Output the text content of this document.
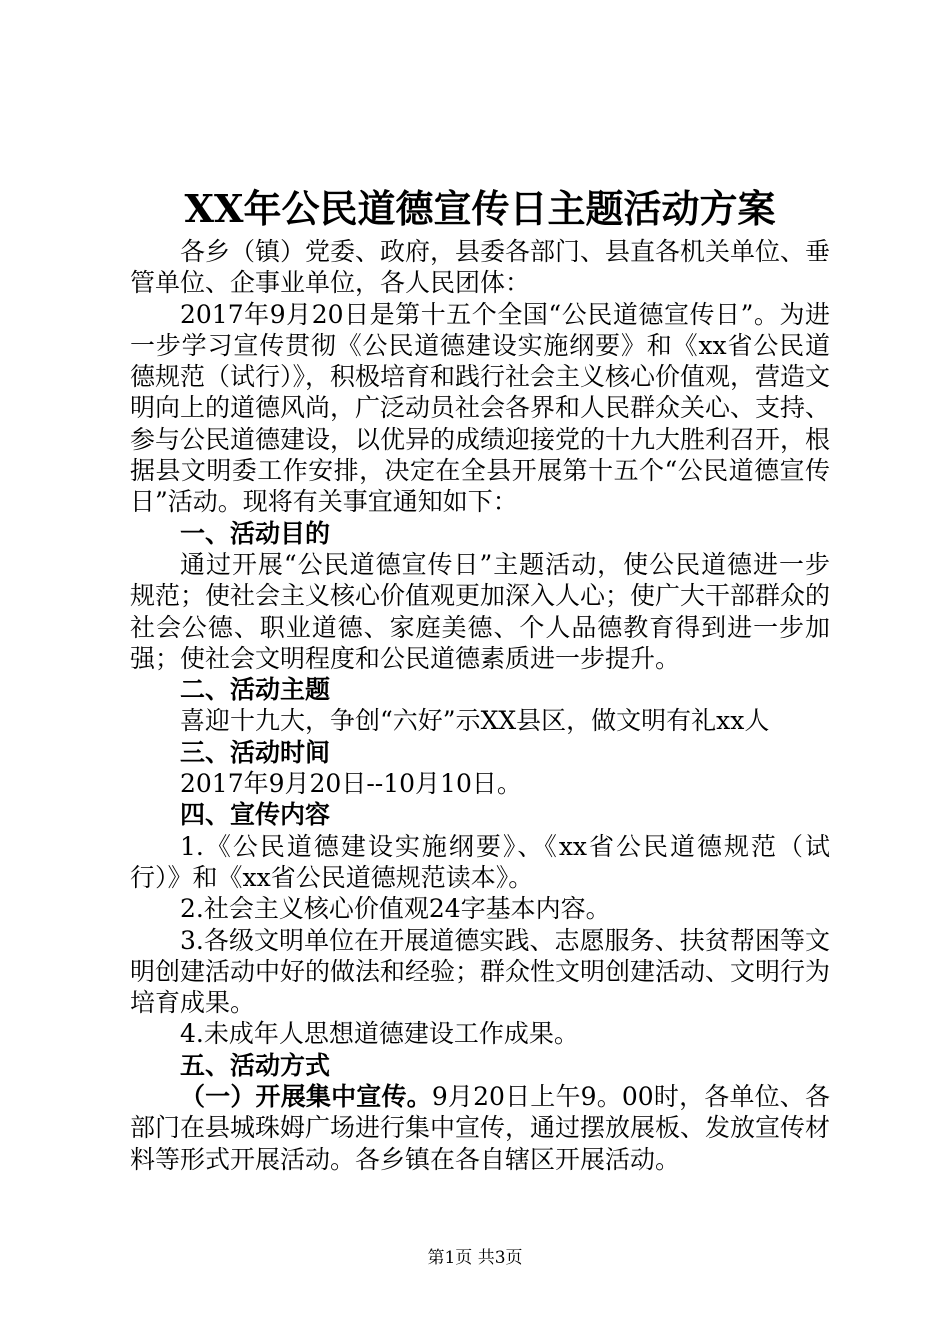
XX年公民道德宣传日主题活动方案

各乡（镇）党委、政府，县委各部门、县直各机关单位、垂管单位、企事业单位，各人民团体：

2017年9月20日是第十五个全国“公民道德宣传日”。为进一步学习宣传贯彻《公民道德建设实施纲要》和《xx省公民道德规范（试行）》，积极培育和践行社会主义核心价值观，营造文明向上的道德风尚，广泛动员社会各界和人民群众关心、支持、参与公民道德建设，以优异的成绩迎接党的十九大胜利召开，根据县文明委工作安排，决定在全县开展第十五个“公民道德宣传日”活动。现将有关事宜通知如下：

一、活动目的

通过开展“公民道德宣传日”主题活动，使公民道德进一步规范；使社会主义核心价值观更加深入人心；使广大干部群众的社会公德、职业道德、家庭美德、个人品德教育得到进一步加强；使社会文明程度和公民道德素质进一步提升。

二、活动主题

喜迎十九大，争创“六好”示XX县区，做文明有礼xx人

三、活动时间

2017年9月20日--10月10日。

四、宣传内容

1.《公民道德建设实施纲要》、《xx省公民道德规范（试行）》和《xx省公民道德规范读本》。

2.社会主义核心价值观24字基本内容。

3.各级文明单位在开展道德实践、志愿服务、扶贫帮困等文明创建活动中好的做法和经验；群众性文明创建活动、文明行为培育成果。

4.未成年人思想道德建设工作成果。

五、活动方式

（一）开展集中宣传。9月20日上午9。00时，各单位、各部门在县城珠姆广场进行集中宣传，通过摆放展板、发放宣传材料等形式开展活动。各乡镇在各自辖区开展活动。

第1页 共3页
